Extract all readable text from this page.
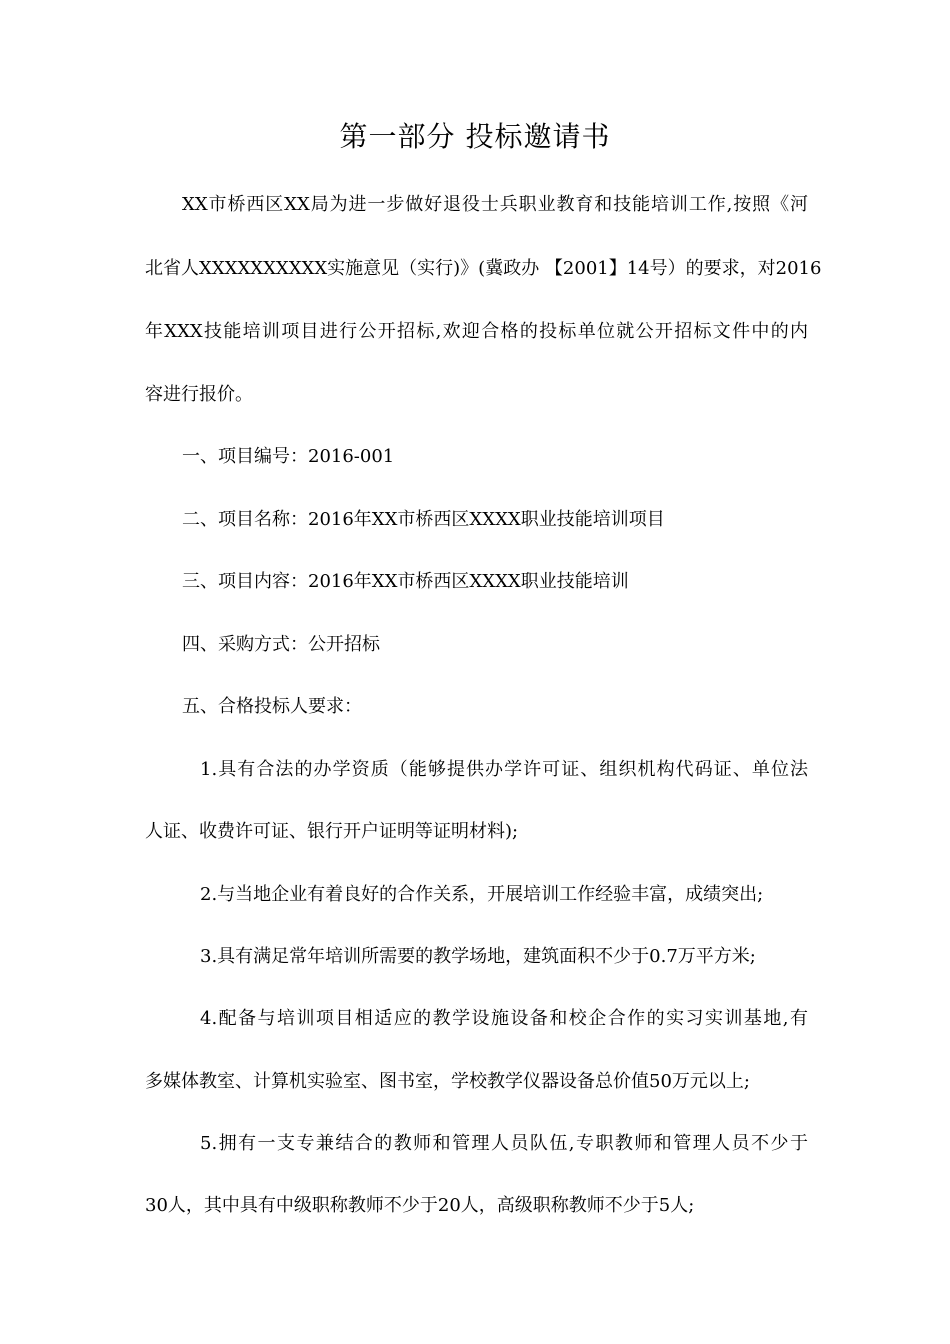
第一部分 投标邀请书
XX市桥西区XX局为进一步做好退役士兵职业教育和技能培训工作,按照《河
北省人XXXXXXXXXX实施意见（实行)》(冀政办 【2001】14号）的要求，对2016
年XXX技能培训项目进行公开招标,欢迎合格的投标单位就公开招标文件中的内
容进行报价。
一、项目编号：2016-001
二、项目名称：2016年XX市桥西区XXXX职业技能培训项目
三、项目内容：2016年XX市桥西区XXXX职业技能培训
四、采购方式：公开招标
五、合格投标人要求：
1.具有合法的办学资质（能够提供办学许可证、组织机构代码证、单位法
人证、收费许可证、银行开户证明等证明材料);
2.与当地企业有着良好的合作关系，开展培训工作经验丰富，成绩突出;
3.具有满足常年培训所需要的教学场地，建筑面积不少于0.7万平方米;
4.配备与培训项目相适应的教学设施设备和校企合作的实习实训基地,有
多媒体教室、计算机实验室、图书室，学校教学仪器设备总价值50万元以上;
5.拥有一支专兼结合的教师和管理人员队伍,专职教师和管理人员不少于
30人，其中具有中级职称教师不少于20人，高级职称教师不少于5人;
